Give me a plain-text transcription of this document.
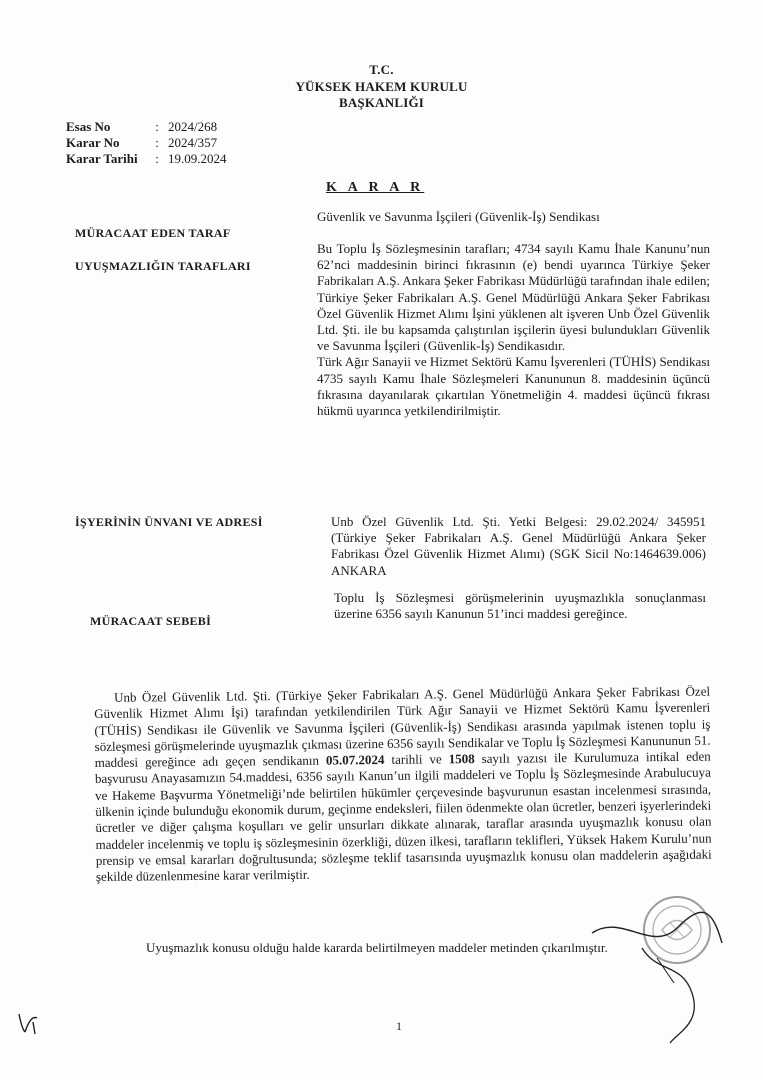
T.C.
YÜKSEK HAKEM KURULU
BAŞKANLIĞI
Esas No	: 2024/268
Karar No	: 2024/357
Karar Tarihi	: 19.09.2024
K A R A R
MÜRACAAT EDEN TARAF

Güvenlik ve Savunma İşçileri (Güvenlik-İş) Sendikası

UYUŞMAZLIĞIN TARAFLARI

Bu Toplu İş Sözleşmesinin tarafları; 4734 sayılı Kamu İhale Kanunu’nun 62’nci maddesinin birinci fıkrasının (e) bendi uyarınca Türkiye Şeker Fabrikaları A.Ş. Ankara Şeker Fabrikası Müdürlüğü tarafından ihale edilen; Türkiye Şeker Fabrikaları A.Ş. Genel Müdürlüğü Ankara Şeker Fabrikası Özel Güvenlik Hizmet Alımı İşini yüklenen alt işveren Unb Özel Güvenlik Ltd. Şti. ile bu kapsamda çalıştırılan işçilerin üyesi bulundukları Güvenlik ve Savunma İşçileri (Güvenlik-İş) Sendikasıdır.

Türk Ağır Sanayii ve Hizmet Sektörü Kamu İşverenleri (TÜHİS) Sendikası 4735 sayılı Kamu İhale Sözleşmeleri Kanununun 8. maddesinin üçüncü fıkrasına dayanılarak çıkartılan Yönetmeliğin 4. maddesi üçüncü fıkrası hükmü uyarınca yetkilendirilmiştir.

İŞYERİNİN ÜNVANI VE ADRESİ	Unb Özel Güvenlik Ltd. Şti. Yetki Belgesi: 29.02.2024/ 345951 (Türkiye Şeker Fabrikaları A.Ş. Genel Müdürlüğü Ankara Şeker Fabrikası Özel Güvenlik Hizmet Alımı) (SGK Sicil No:1464639.006) ANKARA

MÜRACAAT SEBEBİ

Toplu İş Sözleşmesi görüşmelerinin uyuşmazlıkla sonuçlanması üzerine 6356 sayılı Kanunun 51’inci maddesi gereğince.

Unb Özel Güvenlik Ltd. Şti. (Türkiye Şeker Fabrikaları A.Ş. Genel Müdürlüğü Ankara Şeker Fabrikası Özel Güvenlik Hizmet Alımı İşi) tarafından yetkilendirilen Türk Ağır Sanayii ve Hizmet Sektörü Kamu İşverenleri (TÜHİS) Sendikası ile Güvenlik ve Savunma İşçileri (Güvenlik-İş) Sendikası arasında yapılmak istenen toplu iş sözleşmesi görüşmelerinde uyuşmazlık çıkması üzerine 6356 sayılı Sendikalar ve Toplu İş Sözleşmesi Kanununun 51. maddesi gereğince adı geçen sendikanın 05.07.2024 tarihli ve 1508 sayılı yazısı ile Kurulumuza intikal eden başvurusu Anayasamızın 54.maddesi, 6356 sayılı Kanun’un ilgili maddeleri ve Toplu İş Sözleşmesinde Arabulucuya ve Hakeme Başvurma Yönetmeliği’nde belirtilen hükümler çerçevesinde başvurunun esastan incelenmesi sırasında, ülkenin içinde bulunduğu ekonomik durum, geçinme endeksleri, fiilen ödenmekte olan ücretler, benzeri işyerlerindeki ücretler ve diğer çalışma koşulları ve gelir unsurları dikkate alınarak, taraflar arasında uyuşmazlık konusu olan maddeler incelenmiş ve toplu iş sözleşmesinin özerkliği, düzen ilkesi, tarafların teklifleri, Yüksek Hakem Kurulu’nun prensip ve emsal kararları doğrultusunda; sözleşme teklif tasarısında uyuşmazlık konusu olan maddelerin aşağıdaki şekilde düzenlenmesine karar verilmiştir.
Uyuşmazlık konusu olduğu halde kararda belirtilmeyen maddeler metinden çıkarılmıştır.
1
